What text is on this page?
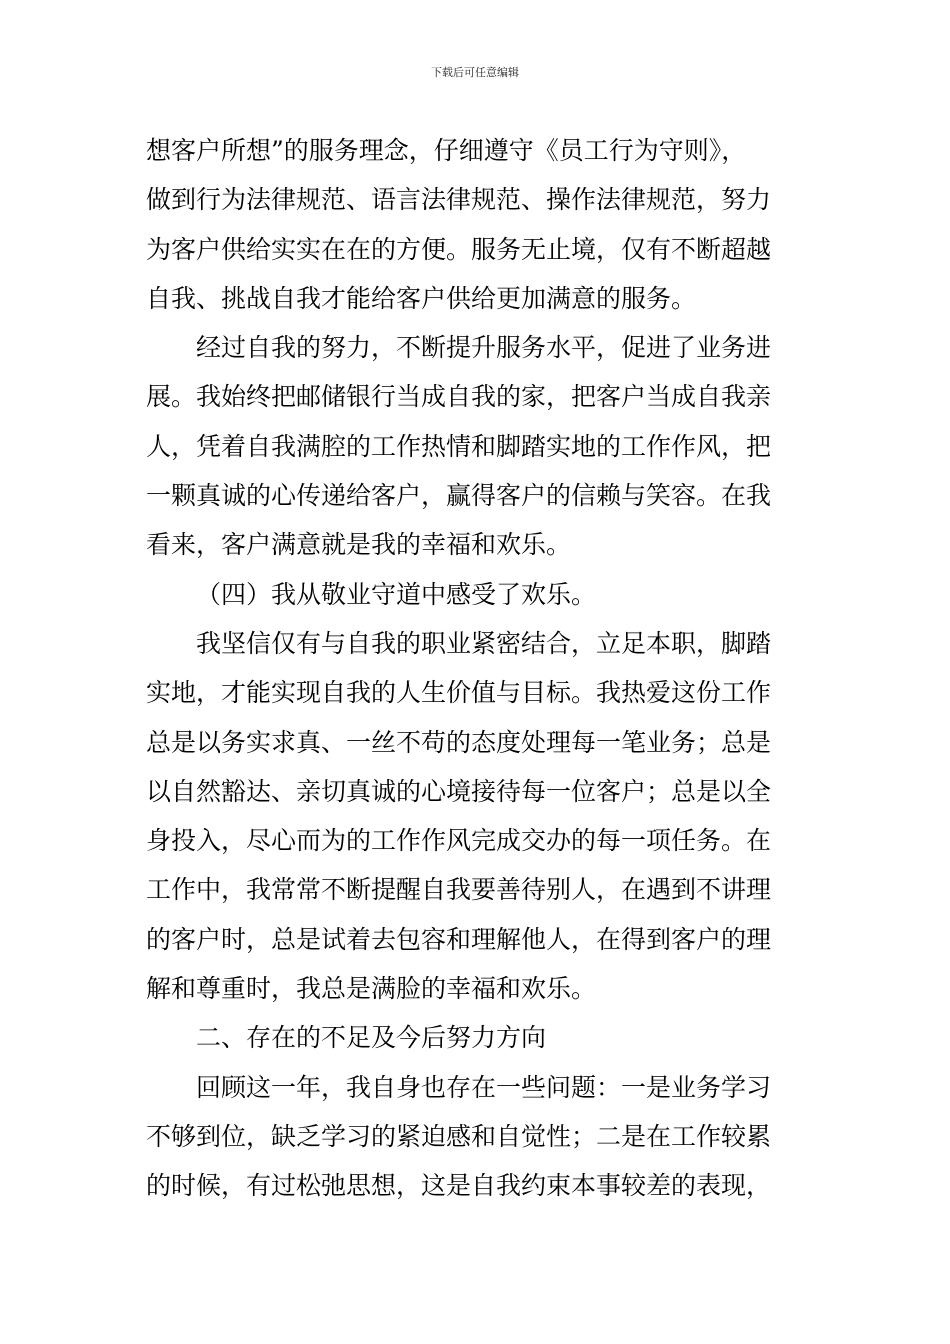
下载后可任意编辑
想客户所想”的服务理念，仔细遵守《员工行为守则》，
做到行为法律规范、语言法律规范、操作法律规范，努力
为客户供给实实在在的方便。服务无止境，仅有不断超越
自我、挑战自我才能给客户供给更加满意的服务。
经过自我的努力，不断提升服务水平，促进了业务进
展。我始终把邮储银行当成自我的家，把客户当成自我亲
人，凭着自我满腔的工作热情和脚踏实地的工作作风，把
一颗真诚的心传递给客户，赢得客户的信赖与笑容。在我
看来，客户满意就是我的幸福和欢乐。
（四）我从敬业守道中感受了欢乐。
我坚信仅有与自我的职业紧密结合，立足本职，脚踏
实地，才能实现自我的人生价值与目标。我热爱这份工作
总是以务实求真、一丝不苟的态度处理每一笔业务；总是
以自然豁达、亲切真诚的心境接待每一位客户；总是以全
身投入，尽心而为的工作作风完成交办的每一项任务。在
工作中，我常常不断提醒自我要善待别人，在遇到不讲理
的客户时，总是试着去包容和理解他人，在得到客户的理
解和尊重时，我总是满脸的幸福和欢乐。
二、存在的不足及今后努力方向
回顾这一年，我自身也存在一些问题：一是业务学习
不够到位，缺乏学习的紧迫感和自觉性；二是在工作较累
的时候，有过松弛思想，这是自我约束本事较差的表现，
